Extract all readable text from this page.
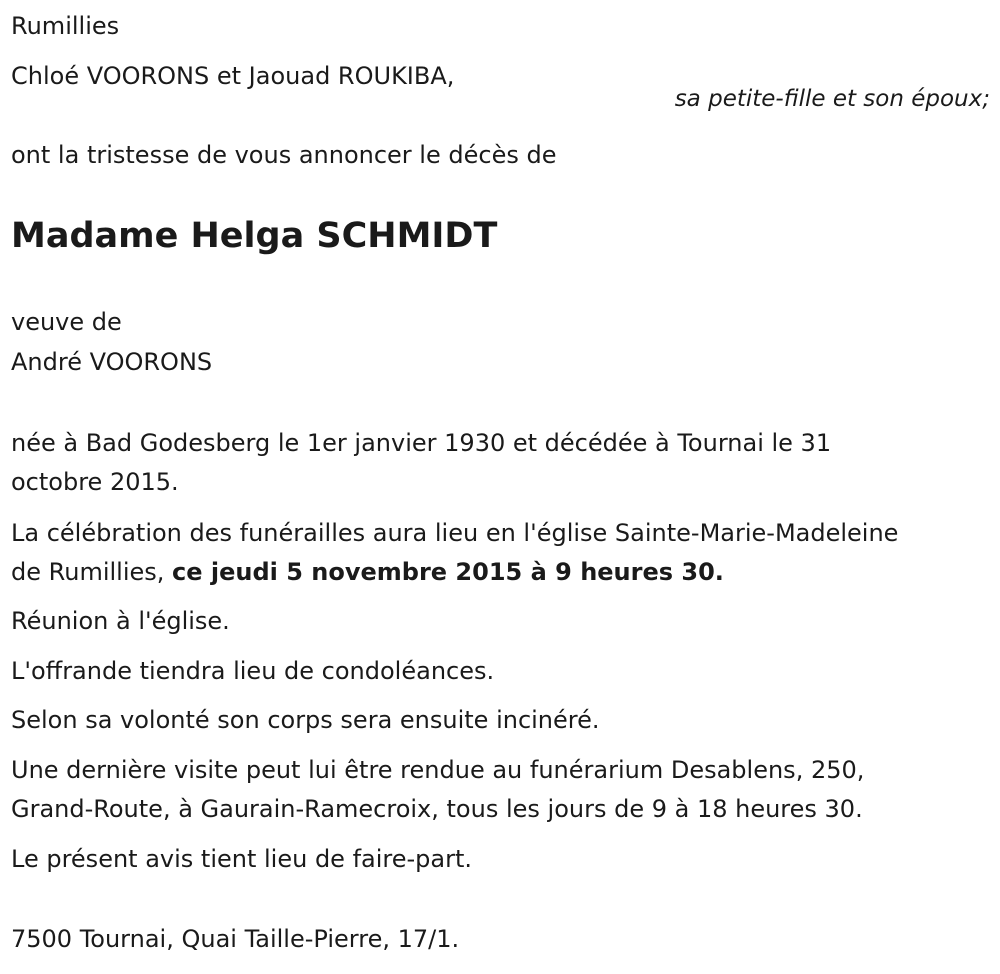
Rumillies

Chloé VOORONS et Jaouad ROUKIBA,

sa petite-fille et son époux;

ont la tristesse de vous annoncer le décès de

Madame Helga SCHMIDT

veuve de

André VOORONS

née à Bad Godesberg le 1er janvier 1930 et décédée à Tournai le 31

octobre 2015.

La célébration des funérailles aura lieu en l'église Sainte-Marie-Madeleine

de Rumillies, ce jeudi 5 novembre 2015 à 9 heures 30.

Réunion à l'église.

L'offrande tiendra lieu de condoléances.

Selon sa volonté son corps sera ensuite incinéré.

Une dernière visite peut lui être rendue au funérarium Desablens, 250,

Grand-Route, à Gaurain-Ramecroix, tous les jours de 9 à 18 heures 30.

Le présent avis tient lieu de faire-part.

7500 Tournai, Quai Taille-Pierre, 17/1.
